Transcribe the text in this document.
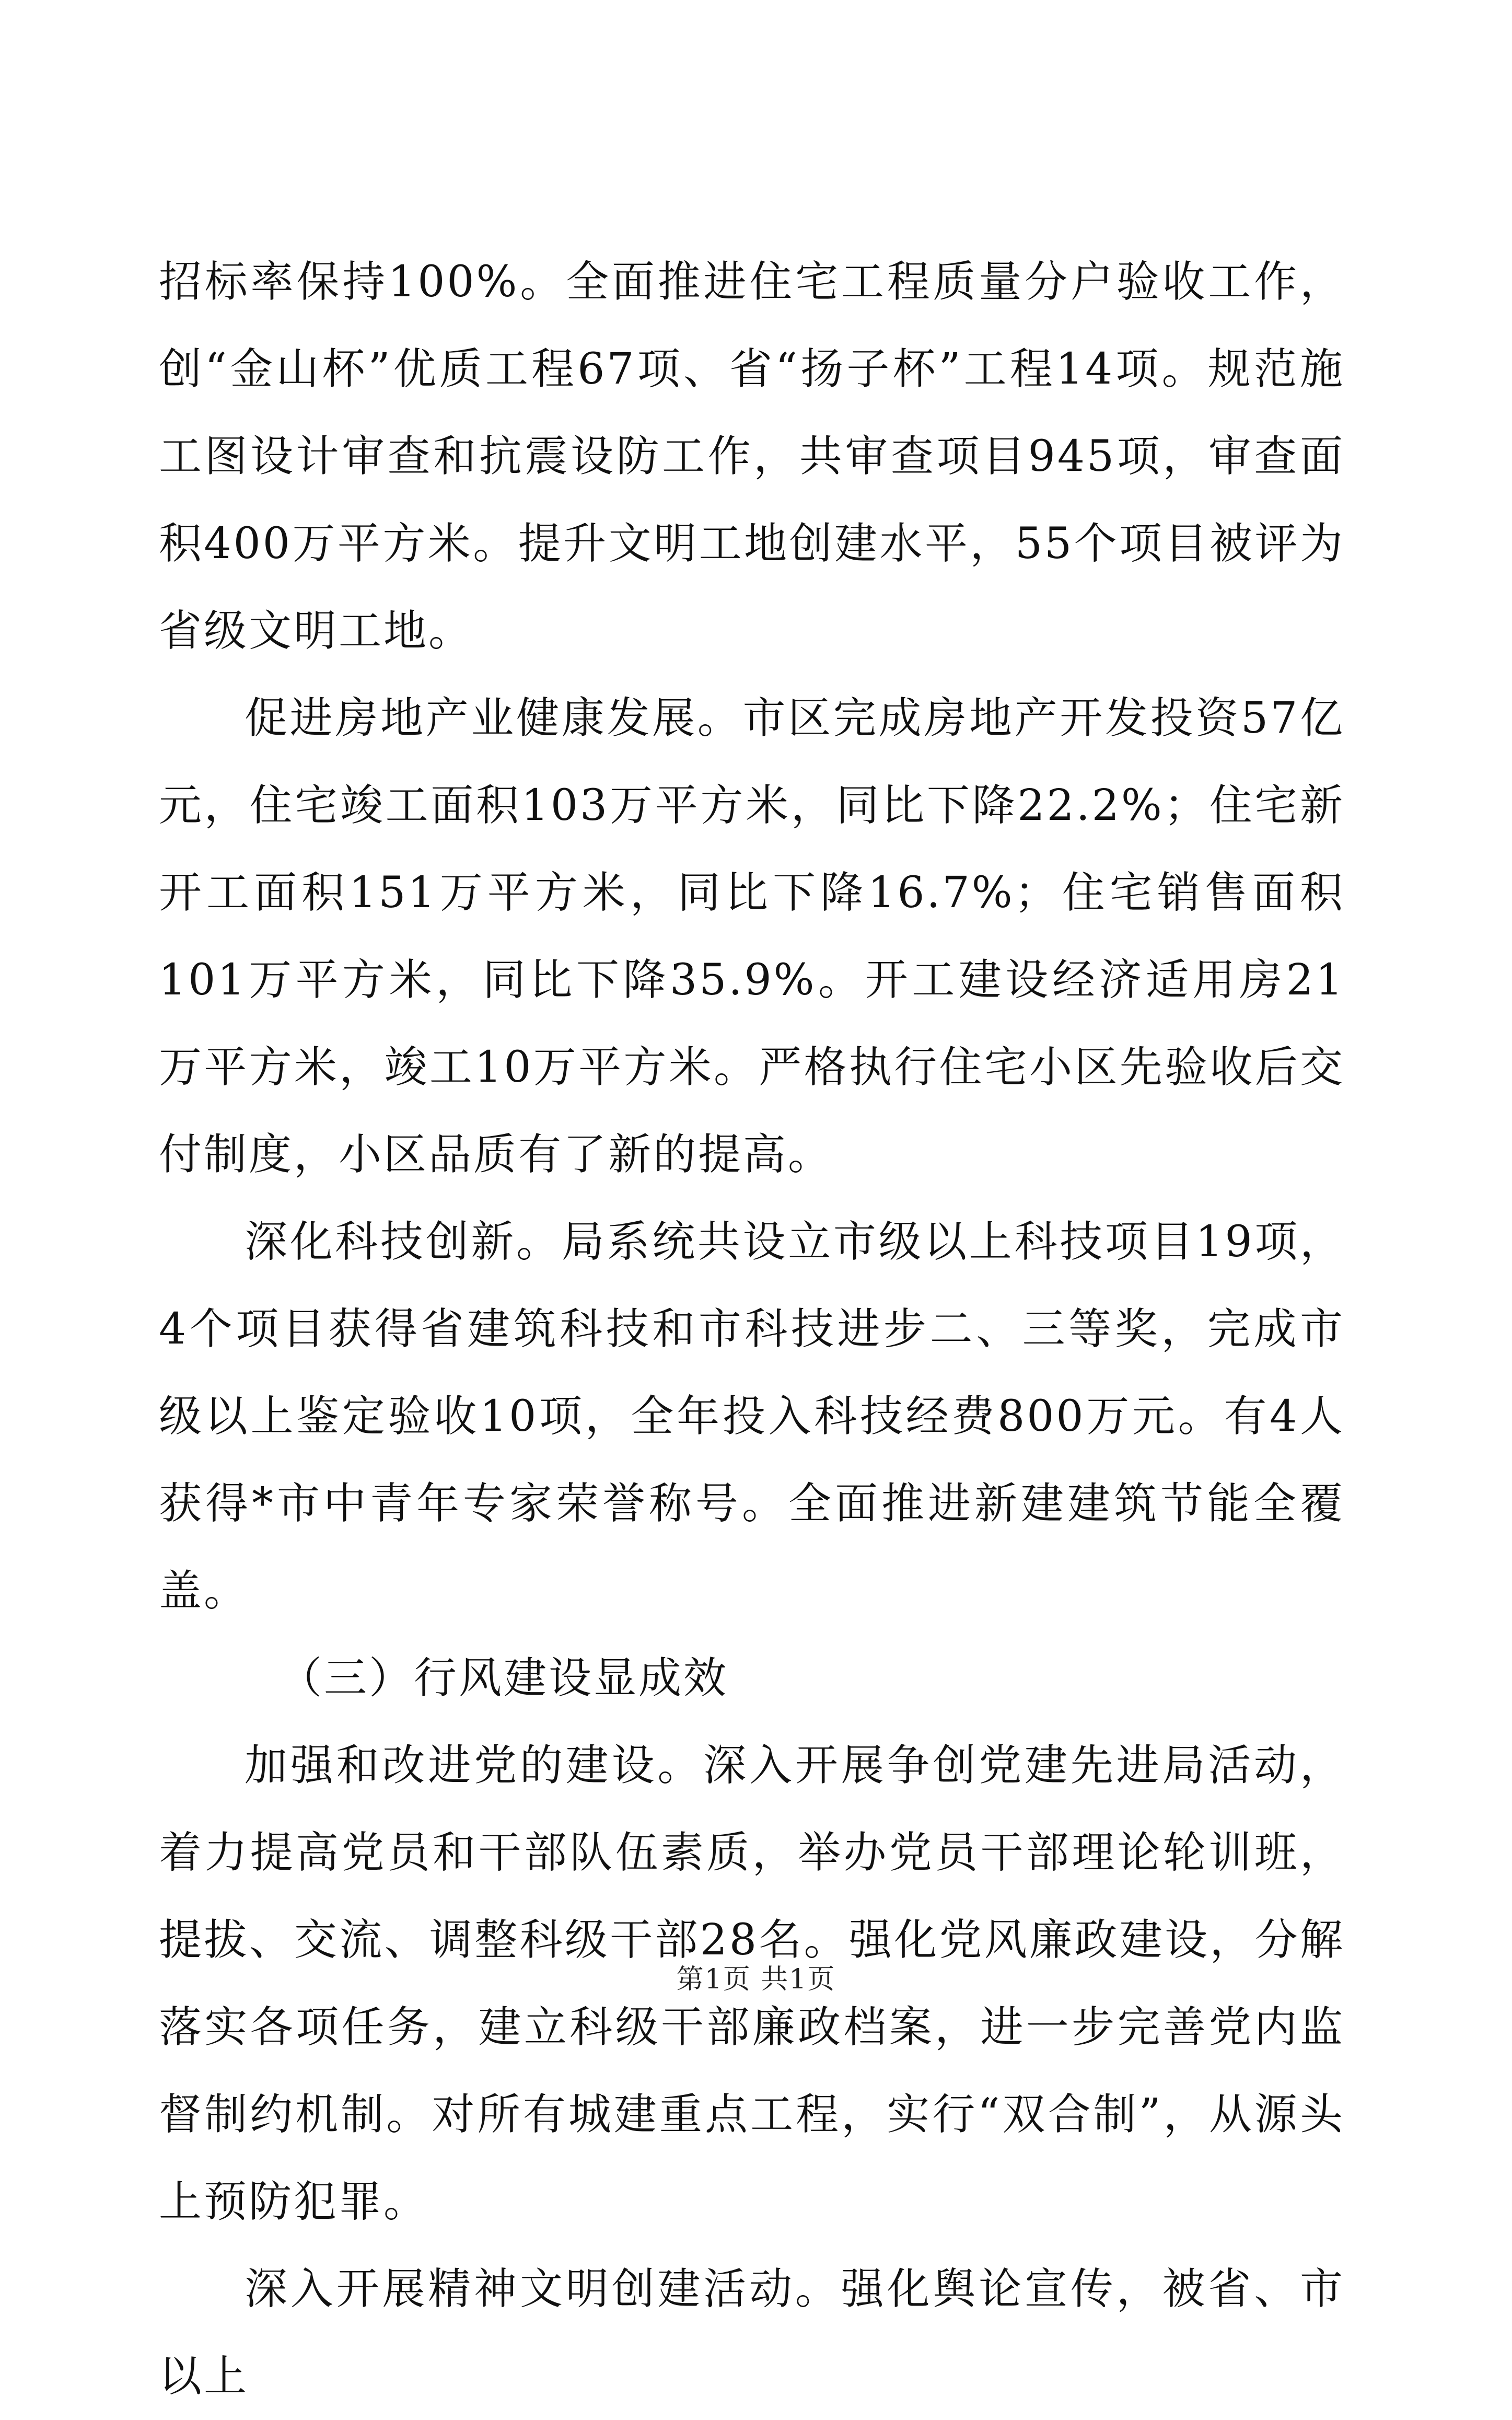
招标率保持100%。全面推进住宅工程质量分户验收工作，创“金山杯”优质工程67项、省“扬子杯”工程14项。规范施工图设计审查和抗震设防工作，共审查项目945项，审查面积400万平方米。提升文明工地创建水平，55个项目被评为省级文明工地。

促进房地产业健康发展。市区完成房地产开发投资57亿元，住宅竣工面积103万平方米，同比下降22.2%；住宅新开工面积151万平方米，同比下降16.7%；住宅销售面积101万平方米，同比下降35.9%。开工建设经济适用房21万平方米，竣工10万平方米。严格执行住宅小区先验收后交付制度，小区品质有了新的提高。

深化科技创新。局系统共设立市级以上科技项目19项，4个项目获得省建筑科技和市科技进步二、三等奖，完成市级以上鉴定验收10项，全年投入科技经费800万元。有4人获得*市中青年专家荣誉称号。全面推进新建建筑节能全覆盖。

（三）行风建设显成效

加强和改进党的建设。深入开展争创党建先进局活动，着力提高党员和干部队伍素质，举办党员干部理论轮训班，提拔、交流、调整科级干部28名。强化党风廉政建设，分解落实各项任务，建立科级干部廉政档案，进一步完善党内监督制约机制。对所有城建重点工程，实行“双合制”，从源头上预防犯罪。

深入开展精神文明创建活动。强化舆论宣传，被省、市以上

第1页 共1页
